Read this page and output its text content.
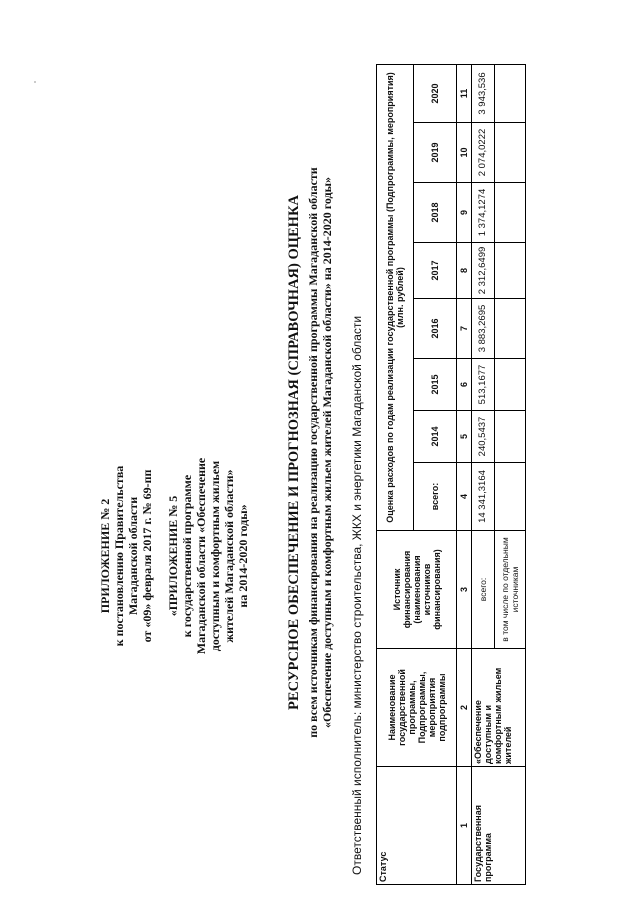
ПРИЛОЖЕНИЕ № 2 к постановлению Правительства Магаданской области от «09» февраля 2017 г. № 69-пп «ПРИЛОЖЕНИЕ № 5 к государственной программе Магаданской области «Обеспечение доступным и комфортным жильем жителей Магаданской области» на 2014-2020 годы» РЕСУРСНОЕ ОБЕСПЕЧЕНИЕ И ПРОГНОЗНАЯ (СПРАВОЧНАЯ) ОЦЕНКА по всем источникам финансирования на реализацию государственной программы Магаданской области «Обеспечение доступным и комфортным жильем жителей Магаданской области» на 2014-2020 годы» Ответственный исполнитель: министерство строительства, ЖКХ и энергетики Магаданской области Статус	Наименование государственной программы, Подпрограммы, мероприятия подпрограммы	Источник финансирования (наименования источников финансирования)	Оценка расходов по годам реализации государственной программы (Подпрограммы, мероприятия) (млн. рублей)							
			всего:	2014	2015	2016	2017	2018	2019	2020
1	2	3	4	5	6	7	8	9	10	11
Государственная программа	«Обеспечение доступным и комфортным жильем жителей	всего:	14 341,3164	240,5437	513,1677	3 883,2695	2 312,6499	1 374,1274	2 074,0222	3 943,536
		в том числе по отдельным источникам								
